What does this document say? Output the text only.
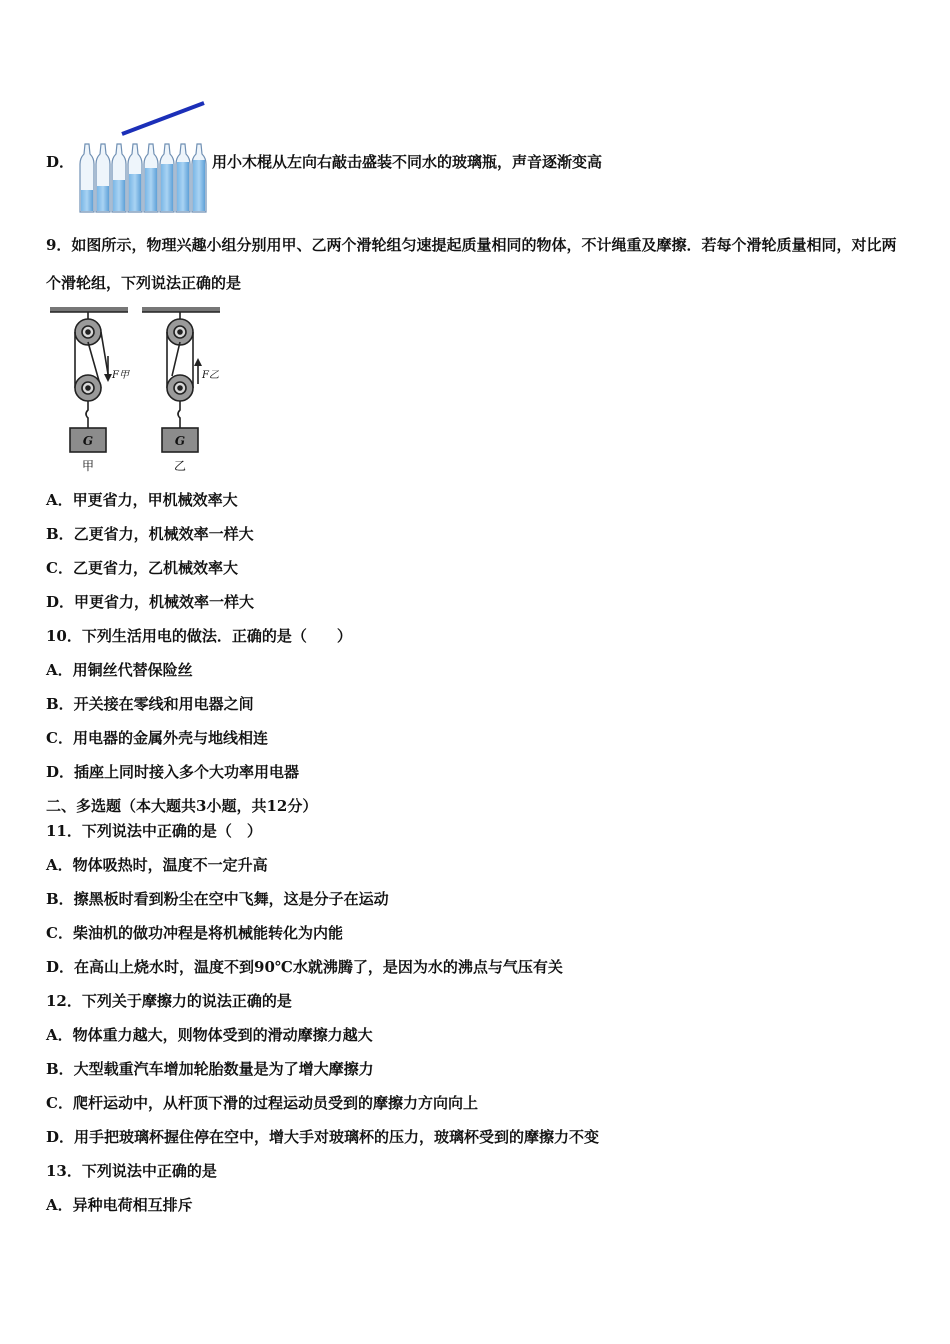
D．	用小木棍从左向右敲击盛装不同水的玻璃瓶，声音逐渐变高
9．如图所示，物理兴趣小组分别用甲、乙两个滑轮组匀速提起质量相同的物体，不计绳重及摩擦．若每个滑轮质量相同，对比两个滑轮组，下列说法正确的是
G
F甲
甲
G
F乙
乙
A．甲更省力，甲机械效率大
B．乙更省力，机械效率一样大
C．乙更省力，乙机械效率大
D．甲更省力，机械效率一样大
10．下列生活用电的做法．正确的是（　　）
A．用铜丝代替保险丝
B．开关接在零线和用电器之间
C．用电器的金属外壳与地线相连
D．插座上同时接入多个大功率用电器
二、多选题（本大题共3小题，共12分）
11．下列说法中正确的是（　）
A．物体吸热时，温度不一定升高
B．擦黑板时看到粉尘在空中飞舞，这是分子在运动
C．柴油机的做功冲程是将机械能转化为内能
D．在高山上烧水时，温度不到90℃水就沸腾了，是因为水的沸点与气压有关
12．下列关于摩擦力的说法正确的是
A．物体重力越大，则物体受到的滑动摩擦力越大
B．大型载重汽车增加轮胎数量是为了增大摩擦力
C．爬杆运动中，从杆顶下滑的过程运动员受到的摩擦力方向向上
D．用手把玻璃杯握住停在空中，增大手对玻璃杯的压力，玻璃杯受到的摩擦力不变
13．下列说法中正确的是
A．异种电荷相互排斥
